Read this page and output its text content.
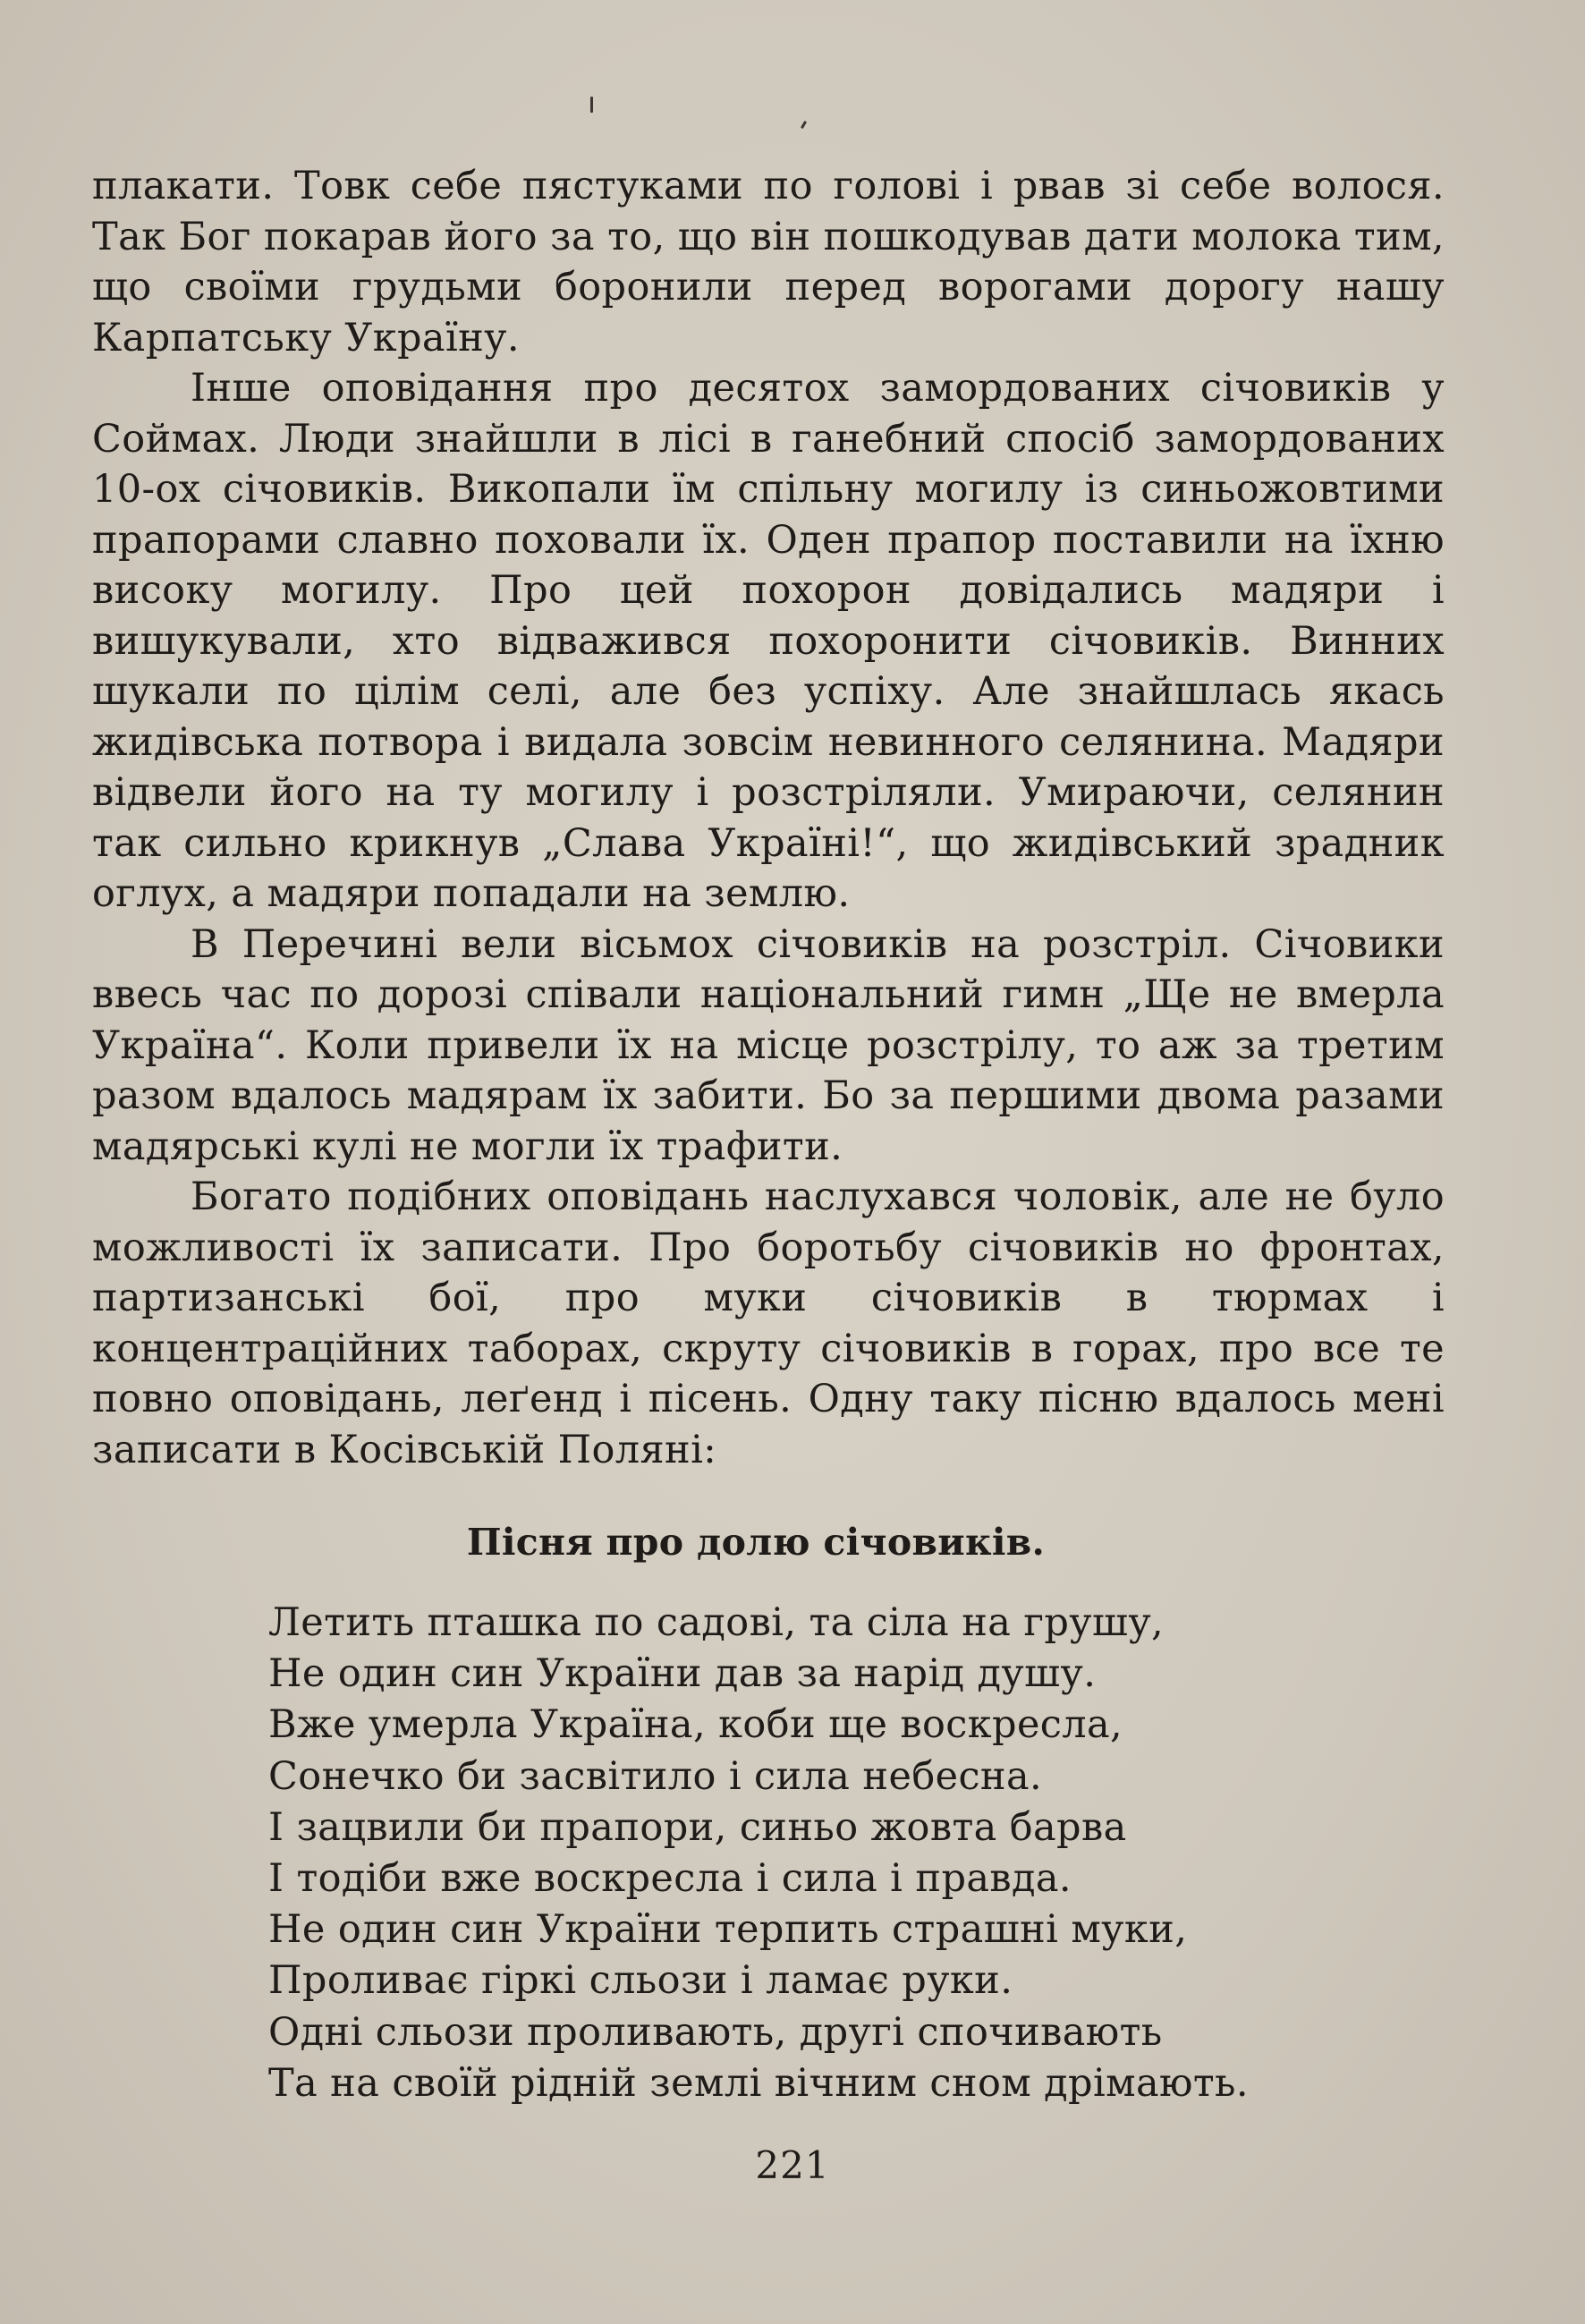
плакати. Товк себе пястуками по голові і рвав зі себе волося. Так Бог покарав його за то, що він пошкодував дати молока тим, що своїми грудьми боронили перед ворогами дорогу нашу Карпатську Україну.

Інше оповідання про десятох замордованих січовиків у Соймах. Люди знайшли в лісі в ганебний спосіб замордованих 10-ох січовиків. Викопали їм спільну могилу із синьожовтими прапорами славно поховали їх. Оден прапор поставили на їхню високу могилу. Про цей похорон довідались мадяри і вишукували, хто відважився похоронити січовиків. Винних шукали по цілім селі, але без успіху. Але знайшлась якась жидівська потвора і видала зовсім невинного селянина. Мадяри відвели його на ту могилу і розстріляли. Умираючи, селянин так сильно крикнув „Слава Україні!“, що жидівський зрадник оглух, а мадяри попадали на землю.

В Перечині вели вісьмох січовиків на розстріл. Січовики ввесь час по дорозі співали національний гимн „Ще не вмерла Україна“. Коли привели їх на місце розстрілу, то аж за третим разом вдалось мадярам їх забити. Бо за першими двома разами мадярські кулі не могли їх трафити.

Богато подібних оповідань наслухався чоловік, але не було можливості їх записати. Про боротьбу січовиків но фронтах, партизанські бої, про муки січовиків в тюрмах і концентраційних таборах, скруту січовиків в горах, про все те повно оповідань, леґенд і пісень. Одну таку пісню вдалось мені записати в Косівській Поляні:

Пісня про долю січовиків.
Летить пташка по садові, та сіла на грушу,
Не один син України дав за нарід душу.
Вже умерла Україна, коби ще воскресла,
Сонечко би засвітило і сила небесна.
І зацвили би прапори, синьо жовта барва
І тодіби вже воскресла і сила і правда.
Не один син України терпить страшні муки,
Проливає гіркі сльози і ламає руки.
Одні сльози проливають, другі спочивають
Та на своїй рідній землі вічним сном дрімають.
221
